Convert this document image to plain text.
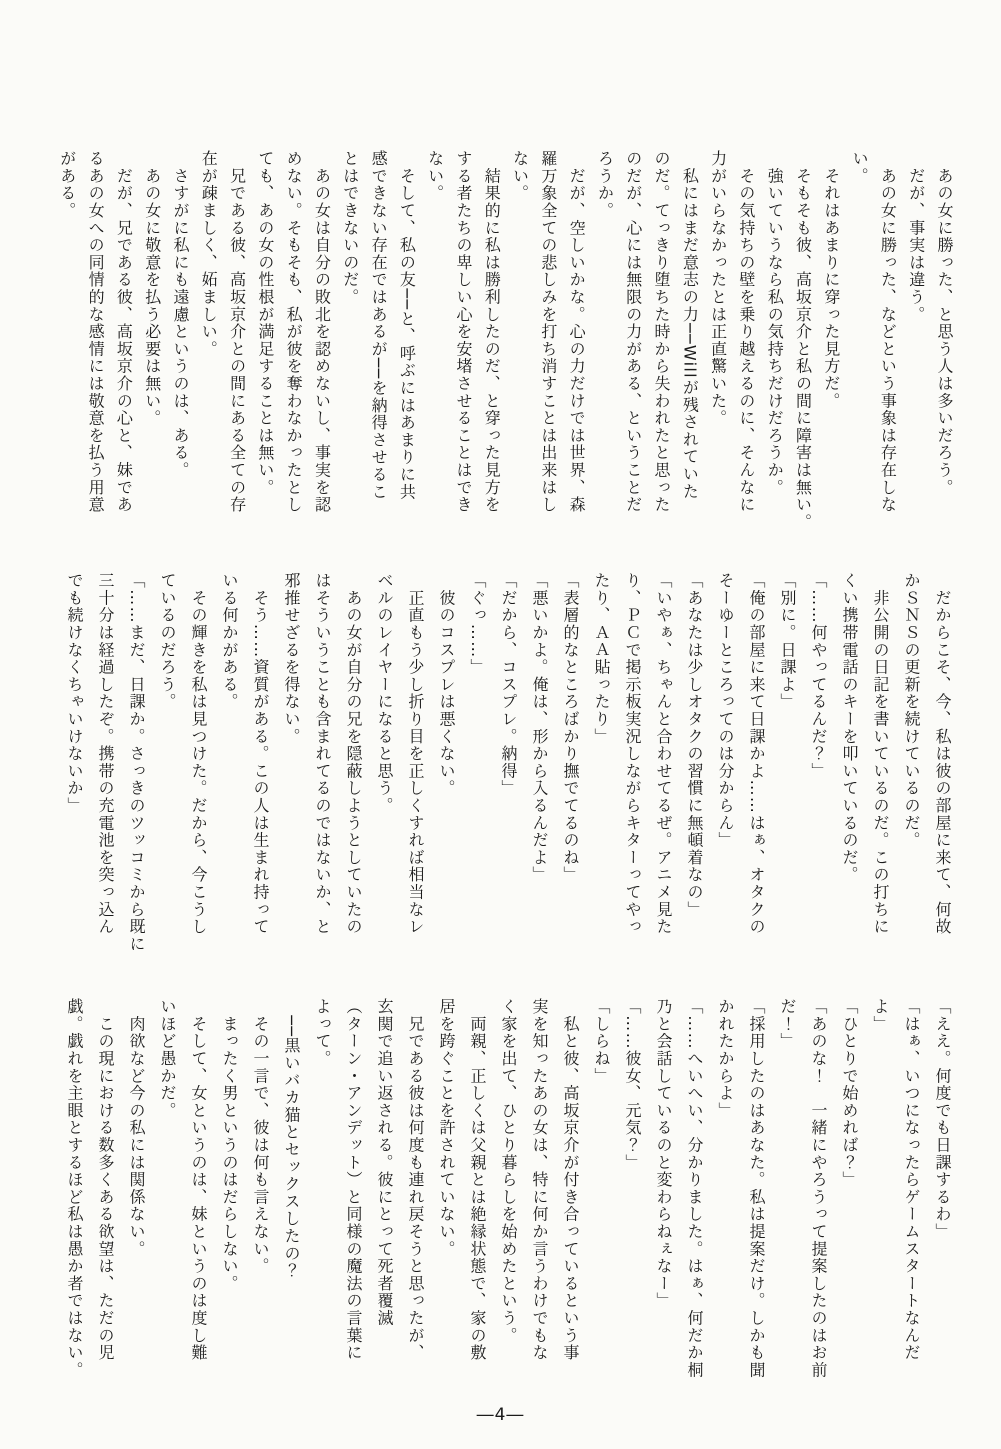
　あの女に勝った、と思う人は多いだろう。
　だが、事実は違う。
　あの女に勝った、などという事象は存在しな
い。
　それはあまりに穿った見方だ。
　そもそも彼、高坂京介と私の間に障害は無い。
　強いていうなら私の気持ちだけだろうか。
　その気持ちの壁を乗り越えるのに、そんなに
力がいらなかったとは正直驚いた。
　私にはまだ意志の力──Willが残されていた
のだ。てっきり堕ちた時から失われたと思った
のだが、心には無限の力がある、ということだ
ろうか。
　だが、空しいかな。心の力だけでは世界、森
羅万象全ての悲しみを打ち消すことは出来はし
ない。
　結果的に私は勝利したのだ、と穿った見方を
する者たちの卑しい心を安堵させることはでき
ない。
　そして、私の友──と、呼ぶにはあまりに共
感できない存在ではあるが──を納得させるこ
とはできないのだ。
　あの女は自分の敗北を認めないし、事実を認
めない。そもそも、私が彼を奪わなかったとし
ても、あの女の性根が満足することは無い。
　兄である彼、高坂京介との間にある全ての存
在が疎ましく、妬ましい。
　さすがに私にも遠慮というのは、ある。
　あの女に敬意を払う必要は無い。
　だが、兄である彼、高坂京介の心と、妹であ
るあの女への同情的な感情には敬意を払う用意
がある。
　だからこそ、今、私は彼の部屋に来て、何故
かＳＮＳの更新を続けているのだ。
　非公開の日記を書いているのだ。この打ちに
くい携帯電話のキーを叩いているのだ。
「……何やってるんだ？」
「別に。日課よ」
「俺の部屋に来て日課かよ……はぁ、オタクの
そーゆーところってのは分からん」
「あなたは少しオタクの習慣に無頓着なの」
「いやぁ、ちゃんと合わせてるぜ。アニメ見た
り、ＰＣで掲示板実況しながらキターってやっ
たり、ＡＡ貼ったり」
「表層的なところばかり撫でてるのね」
「悪いかよ。俺は、形から入るんだよ」
「だから、コスプレ。納得」
「ぐっ……」
　彼のコスプレは悪くない。
　正直もう少し折り目を正しくすれば相当なレ
ベルのレイヤーになると思う。
　あの女が自分の兄を隠蔽しようとしていたの
はそういうことも含まれてるのではないか、と
邪推せざるを得ない。
　そう……資質がある。この人は生まれ持って
いる何かがある。
　その輝きを私は見つけた。だから、今こうし
ているのだろう。
「……まだ、日課か。さっきのツッコミから既に
三十分は経過したぞ。携帯の充電池を突っ込ん
でも続けなくちゃいけないか」
「ええ。何度でも日課するわ」
「はぁ、いつになったらゲームスタートなんだ
よ」
「ひとりで始めれば？」
「あのな！　一緒にやろうって提案したのはお前
だ！」
「採用したのはあなた。私は提案だけ。しかも聞
かれたからよ」
「……へいへい、分かりました。はぁ、何だか桐
乃と会話しているのと変わらねぇなー」
「……彼女、元気？」
「しらね」
　私と彼、高坂京介が付き合っているという事
実を知ったあの女は、特に何か言うわけでもな
く家を出て、ひとり暮らしを始めたという。
　両親、正しくは父親とは絶縁状態で、家の敷
居を跨ぐことを許されていない。
　兄である彼は何度も連れ戻そうと思ったが、
玄関で追い返される。彼にとって死者覆滅
（ターン・アンデット）と同様の魔法の言葉に
よって。
　──黒いバカ猫とセックスしたの？
　その一言で、彼は何も言えない。
　まったく男というのはだらしない。
　そして、女というのは、妹というのは度し難
いほど愚かだ。
　肉欲など今の私には関係ない。
　この現における数多くある欲望は、ただの児
戯。戯れを主眼とするほど私は愚か者ではない。
―4―
